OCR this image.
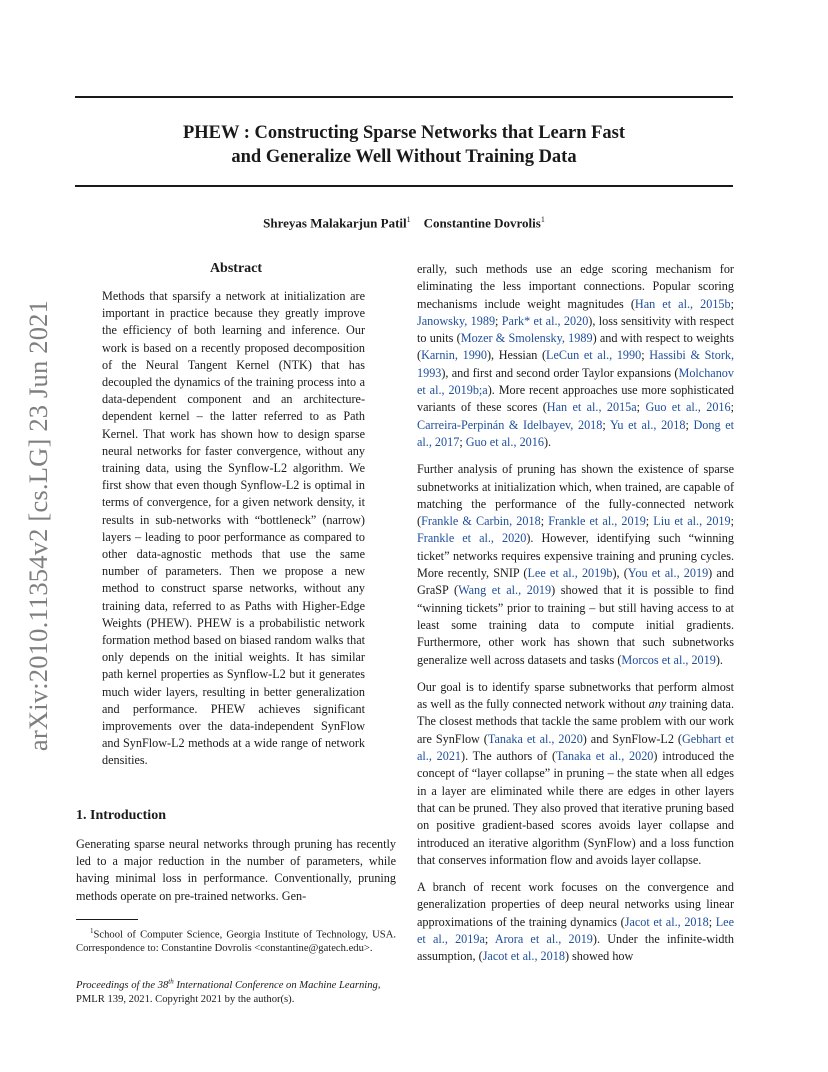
PHEW : Constructing Sparse Networks that Learn Fast
and Generalize Well Without Training Data
Shreyas Malakarjun Patil$^1$ Constantine Dovrolis$^1$
arXiv:2010.11354v2 [cs.LG] 23 Jun 2021
Abstract
Methods that sparsify a network at initialization are important in practice because they greatly improve the efficiency of both learning and inference. Our work is based on a recently proposed decomposition of the Neural Tangent Kernel (NTK) that has decoupled the dynamics of the training process into a data-dependent component and an architecture-dependent kernel – the latter referred to as Path Kernel. That work has shown how to design sparse neural networks for faster convergence, without any training data, using the Synflow-L2 algorithm. We first show that even though Synflow-L2 is optimal in terms of convergence, for a given network density, it results in sub-networks with “bottleneck” (narrow) layers – leading to poor performance as compared to other data-agnostic methods that use the same number of parameters. Then we propose a new method to construct sparse networks, without any training data, referred to as Paths with Higher-Edge Weights (PHEW). PHEW is a probabilistic network formation method based on biased random walks that only depends on the initial weights. It has similar path kernel properties as Synflow-L2 but it generates much wider layers, resulting in better generalization and performance. PHEW achieves significant improvements over the data-independent SynFlow and SynFlow-L2 methods at a wide range of network densities.
1. Introduction

Generating sparse neural networks through pruning has recently led to a major reduction in the number of parameters, while having minimal loss in performance. Conventionally, pruning methods operate on pre-trained networks. Gen-

$^1$School of Computer Science, Georgia Institute of Technology, USA. Correspondence to: Constantine Dovrolis <constantine@gatech.edu>.

Proceedings of the 38th International Conference on Machine Learning, PMLR 139, 2021. Copyright 2021 by the author(s).

erally, such methods use an edge scoring mechanism for eliminating the less important connections. Popular scoring mechanisms include weight magnitudes (Han et al., 2015b; Janowsky, 1989; Park* et al., 2020), loss sensitivity with respect to units (Mozer & Smolensky, 1989) and with respect to weights (Karnin, 1990), Hessian (LeCun et al., 1990; Hassibi & Stork, 1993), and first and second order Taylor expansions (Molchanov et al., 2019b;a). More recent approaches use more sophisticated variants of these scores (Han et al., 2015a; Guo et al., 2016; Carreira-Perpinán & Idelbayev, 2018; Yu et al., 2018; Dong et al., 2017; Guo et al., 2016).

Further analysis of pruning has shown the existence of sparse subnetworks at initialization which, when trained, are capable of matching the performance of the fully-connected network (Frankle & Carbin, 2018; Frankle et al., 2019; Liu et al., 2019; Frankle et al., 2020). However, identifying such “winning ticket” networks requires expensive training and pruning cycles. More recently, SNIP (Lee et al., 2019b), (You et al., 2019) and GraSP (Wang et al., 2019) showed that it is possible to find “winning tickets” prior to training – but still having access to at least some training data to compute initial gradients. Furthermore, other work has shown that such subnetworks generalize well across datasets and tasks (Morcos et al., 2019).

Our goal is to identify sparse subnetworks that perform almost as well as the fully connected network without any training data. The closest methods that tackle the same problem with our work are SynFlow (Tanaka et al., 2020) and SynFlow-L2 (Gebhart et al., 2021). The authors of (Tanaka et al., 2020) introduced the concept of “layer collapse” in pruning – the state when all edges in a layer are eliminated while there are edges in other layers that can be pruned. They also proved that iterative pruning based on positive gradient-based scores avoids layer collapse and introduced an iterative algorithm (SynFlow) and a loss function that conserves information flow and avoids layer collapse.

A branch of recent work focuses on the convergence and generalization properties of deep neural networks using linear approximations of the training dynamics (Jacot et al., 2018; Lee et al., 2019a; Arora et al., 2019). Under the infinite-width assumption, (Jacot et al., 2018) showed how
